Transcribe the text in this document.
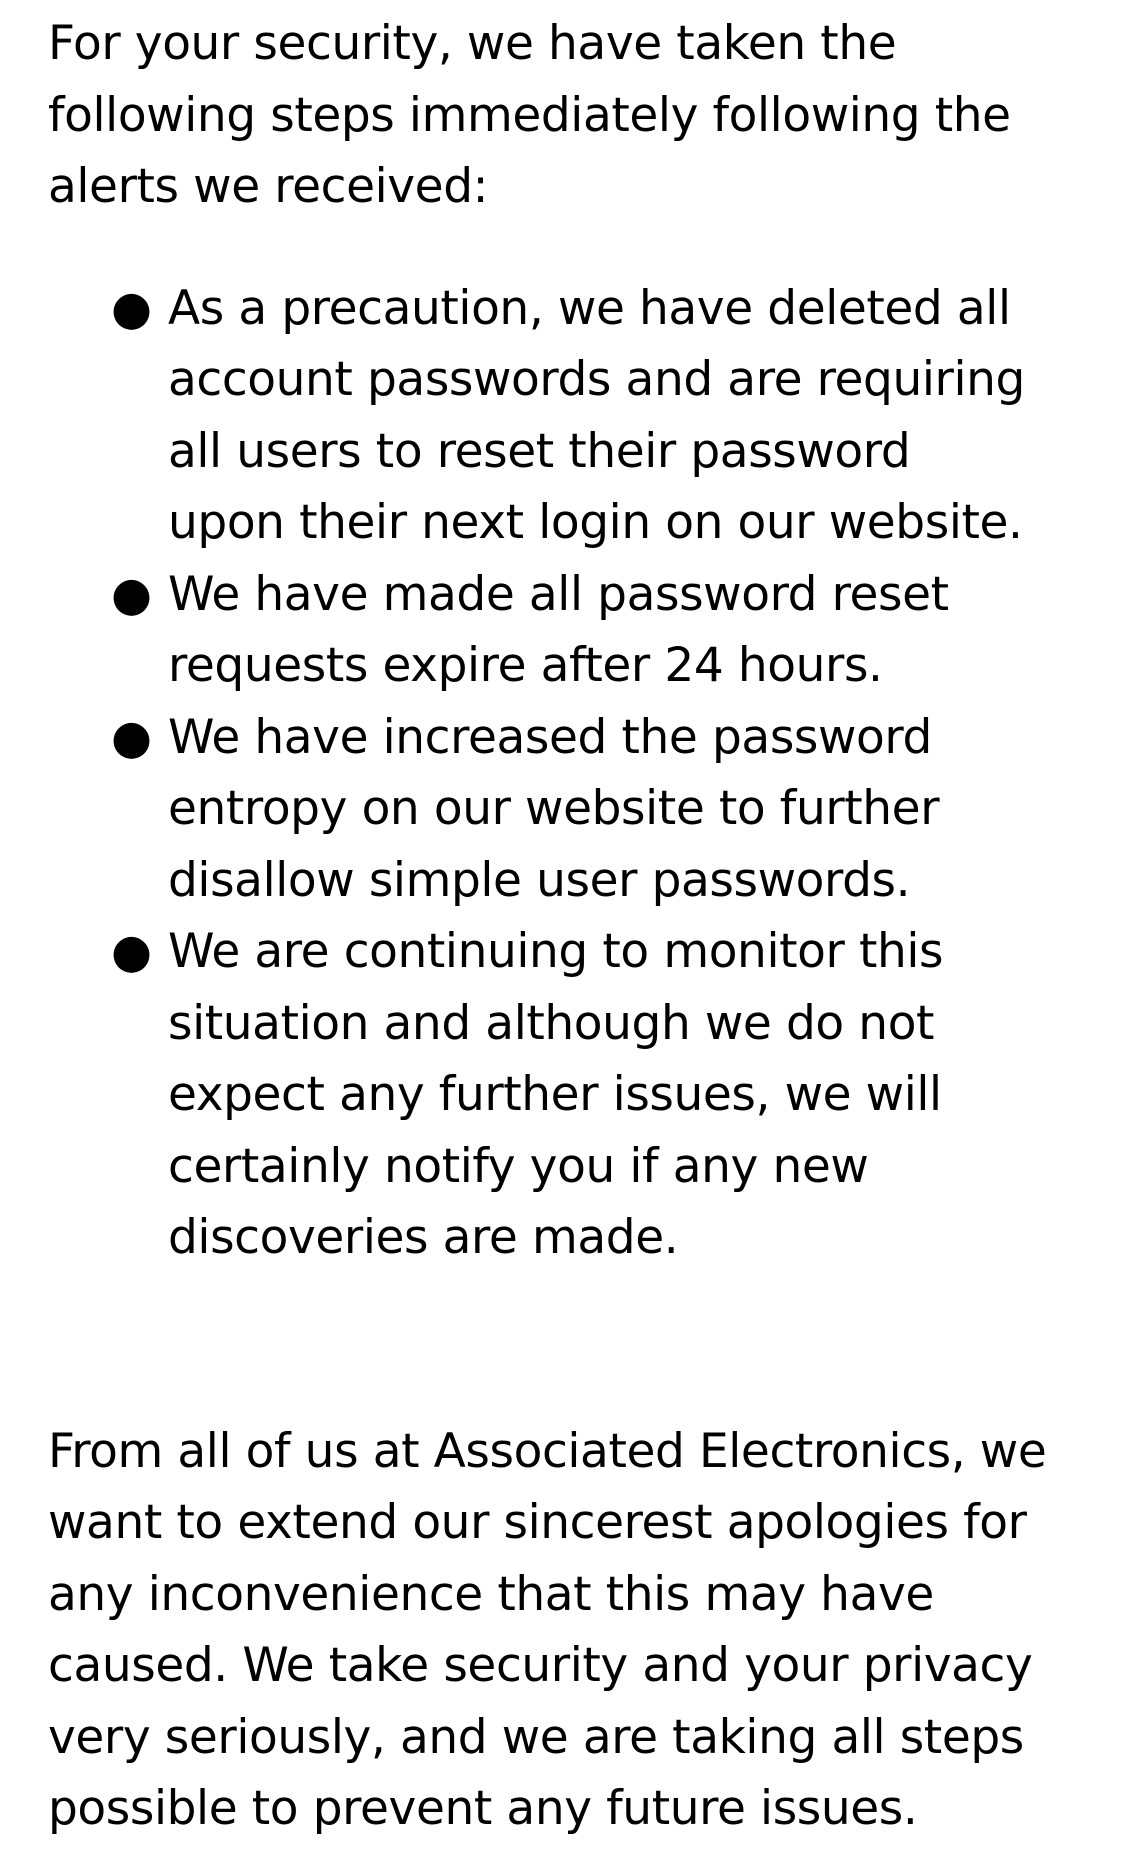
For your security, we have taken the following steps immediately following the alerts we received:

● As a precaution, we have deleted all account passwords and are requiring all users to reset their password upon their next login on our website.
● We have made all password reset requests expire after 24 hours.
● We have increased the password entropy on our website to further disallow simple user passwords.
● We are continuing to monitor this situation and although we do not expect any further issues, we will certainly notify you if any new discoveries are made.

From all of us at Associated Electronics, we want to extend our sincerest apologies for any inconvenience that this may have caused. We take security and your privacy very seriously, and we are taking all steps possible to prevent any future issues.
